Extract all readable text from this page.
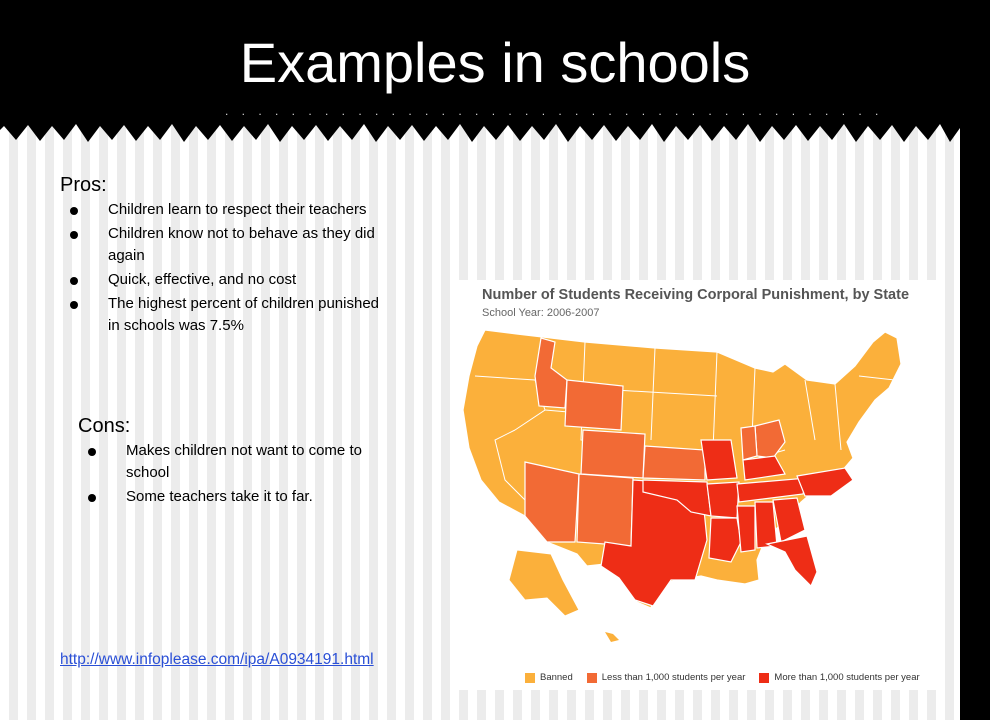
Examples in schools
. . . . . . . . . . . . . . . . . . . . . . . . . . . . . . . . . . . . . . . .
Pros:
Children learn to respect their teachers
Children know not to behave as they did again
Quick, effective, and no cost
The highest percent of children punished in schools was 7.5%
Cons:
Makes children not want to come to school
Some teachers take it to far.
http://www.infoplease.com/ipa/A0934191.html
Number of Students Receiving Corporal Punishment, by State
School Year: 2006-2007
Banned	Less than 1,000 students per year	More than 1,000 students per year
